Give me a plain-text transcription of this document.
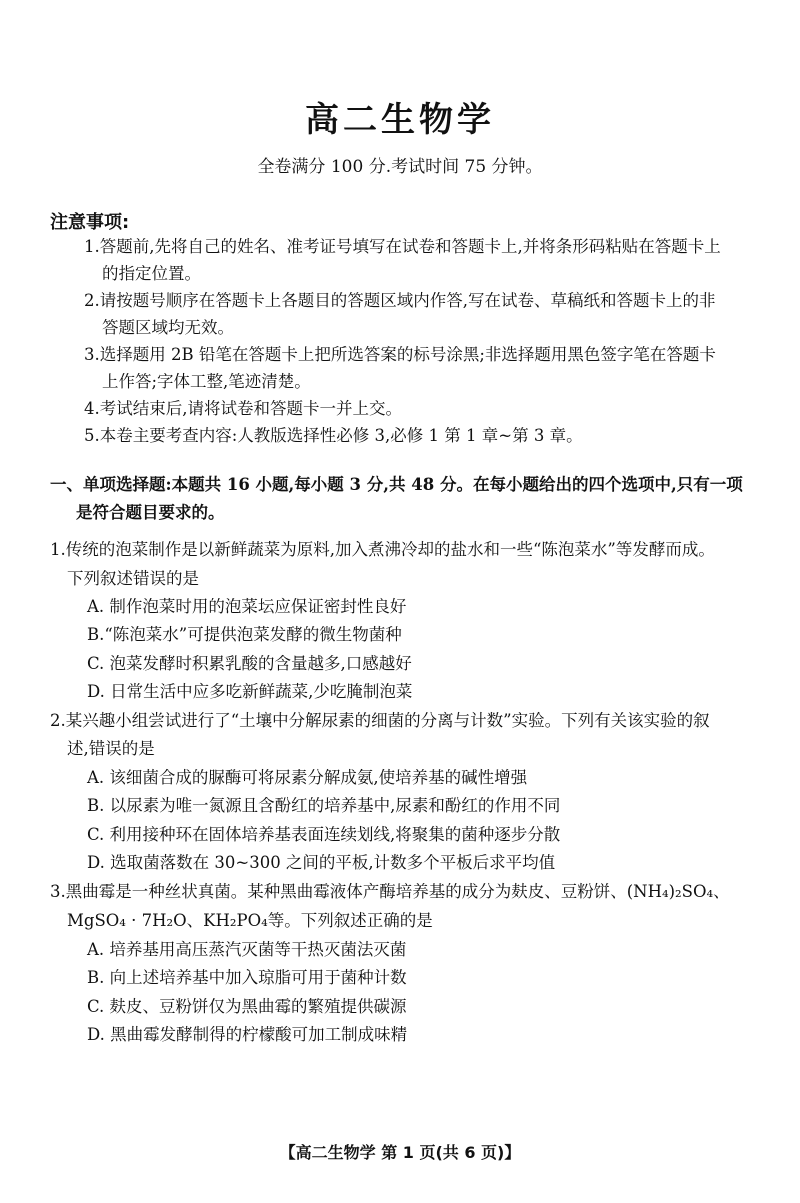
高二生物学

全卷满分 100 分.考试时间 75 分钟。

注意事项:
1.答题前,先将自己的姓名、准考证号填写在试卷和答题卡上,并将条形码粘贴在答题卡上
的指定位置。
2.请按题号顺序在答题卡上各题目的答题区域内作答,写在试卷、草稿纸和答题卡上的非
答题区域均无效。
3.选择题用 2B 铅笔在答题卡上把所选答案的标号涂黑;非选择题用黑色签字笔在答题卡
上作答;字体工整,笔迹清楚。
4.考试结束后,请将试卷和答题卡一并上交。
5.本卷主要考查内容:人教版选择性必修 3,必修 1 第 1 章~第 3 章。
一、单项选择题:本题共 16 小题,每小题 3 分,共 48 分。在每小题给出的四个选项中,只有一项
是符合题目要求的。
1.传统的泡菜制作是以新鲜蔬菜为原料,加入煮沸冷却的盐水和一些“陈泡菜水”等发酵而成。
下列叙述错误的是
A. 制作泡菜时用的泡菜坛应保证密封性良好
B.“陈泡菜水”可提供泡菜发酵的微生物菌种
C. 泡菜发酵时积累乳酸的含量越多,口感越好
D. 日常生活中应多吃新鲜蔬菜,少吃腌制泡菜
2.某兴趣小组尝试进行了“土壤中分解尿素的细菌的分离与计数”实验。下列有关该实验的叙
述,错误的是
A. 该细菌合成的脲酶可将尿素分解成氨,使培养基的碱性增强
B. 以尿素为唯一氮源且含酚红的培养基中,尿素和酚红的作用不同
C. 利用接种环在固体培养基表面连续划线,将聚集的菌种逐步分散
D. 选取菌落数在 30~300 之间的平板,计数多个平板后求平均值
3.黑曲霉是一种丝状真菌。某种黑曲霉液体产酶培养基的成分为麸皮、豆粉饼、(NH₄)₂SO₄、
MgSO₄ · 7H₂O、KH₂PO₄等。下列叙述正确的是
A. 培养基用高压蒸汽灭菌等干热灭菌法灭菌
B. 向上述培养基中加入琼脂可用于菌种计数
C. 麸皮、豆粉饼仅为黑曲霉的繁殖提供碳源
D. 黑曲霉发酵制得的柠檬酸可加工制成味精
【高二生物学 第 1 页(共 6 页)】
